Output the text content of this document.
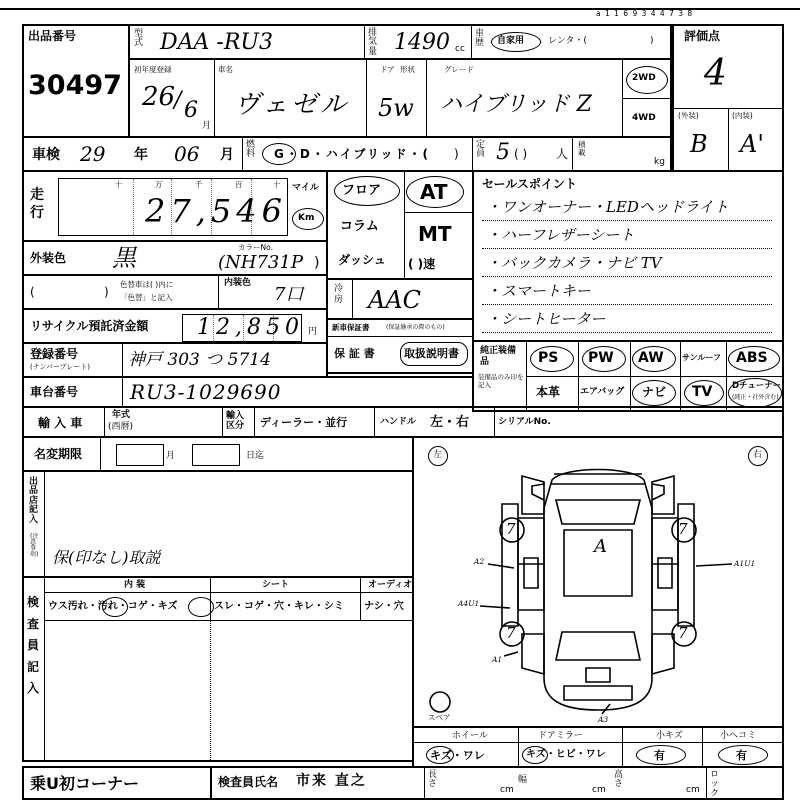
a 1 1 6 9 3 4 4 7 3 8
出品番号
30497
型式 DAA -RU3	排気量 1490 cc
車歴	自家用	レンタ・(	)	評価点
4
(外装)	(内装)
B A'
初年度登録
26
/ 6
月
車名
ヴェゼル
ドア 形状
5w
グレード
ハイブリッド Z
2WD
4WD
車検 29 年 06 月
燃料 G・D・ハイブリッド・( )
定員 5 ( ) 人
積載
kg
走行
十	万	千	百	十
27,546
マイル
Km
フロア
コラム
ダッシュ
AT
MT
( )速
セールスポイント
・ワンオーナー・LEDヘッドライト
・ハーフレザーシート
・バックカメラ・ナビ TV
・スマートキー
・シートヒーター
外装色 黒	カラーNo.
(NH731P )
(	)
色替車は( )内に
「色替」と記入
内装色
7口	冷房 AAC
リサイクル預託済金額 12,850 円 新車保証書	(保証継承の際のもの)
保 証 書	取扱説明書
登録番号
(ナンバープレート) 神戸 303 つ 5714	純正装備品
装備品のみ印を記入
PS PW AW サンルーフ ABS
本革 エアバッグ ナビ TV Dチューナー
(純正・社外含む)
車台番号	RU3-1029690
輸 入 車
年式
(西暦)
輸入区分	ディーラー・並行	ハンドル 左・右	シリアルNo.
名変期限	月	日迄
出品店記入
(注意事項) 保(印なし)取説
検査員記入
内 装	シート	オーディオ
ウス汚れ・汚れ・コゲ・キズ	スレ・コゲ・穴・キレ・シミ ナシ・穴
左	右
A
7	7
7	7
A2	A1U1
A4U1
A1
A3
スペア
ホイール	ドアミラー	小キズ	小ヘコミ
キズ・ワレ	キズ・ヒビ・ワレ	有	有
乗U初コーナー	検査員氏名 市来 直之	長さ
cm
幅
cm
高さ
cm
ロック
